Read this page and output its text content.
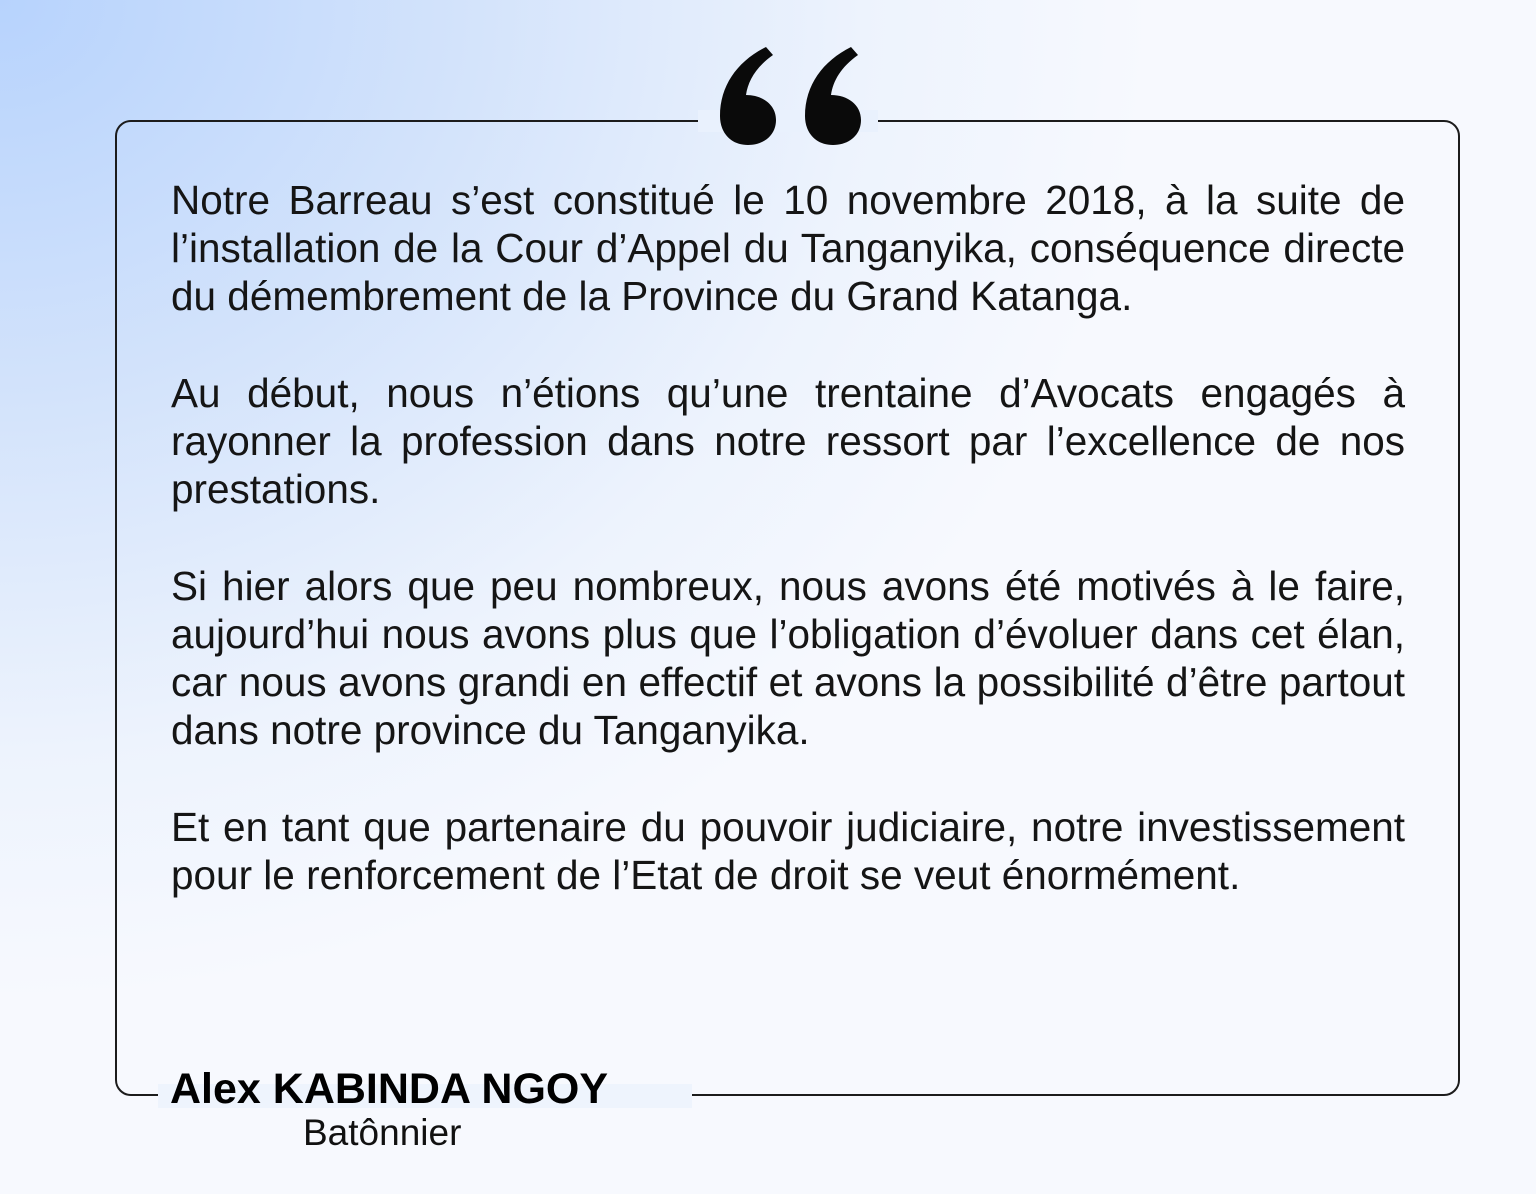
Notre Barreau s’est constitué le 10 novembre 2018, à la suite de l’installation de la Cour d’Appel du Tanganyika, conséquence directe du démembrement de la Province du Grand Katanga.

Au début, nous n’étions qu’une trentaine d’Avocats engagés à rayonner la profession dans notre ressort par l’excellence de nos prestations.

Si hier alors que peu nombreux, nous avons été motivés à le faire, aujourd’hui nous avons plus que l’obligation d’évoluer dans cet élan, car nous avons grandi en effectif et avons la possibilité d’être partout dans notre province du Tanganyika.

Et en tant que partenaire du pouvoir judiciaire, notre investissement pour le renforcement de l’Etat de droit se veut énormément.

Alex KABINDA NGOY
Batônnier
